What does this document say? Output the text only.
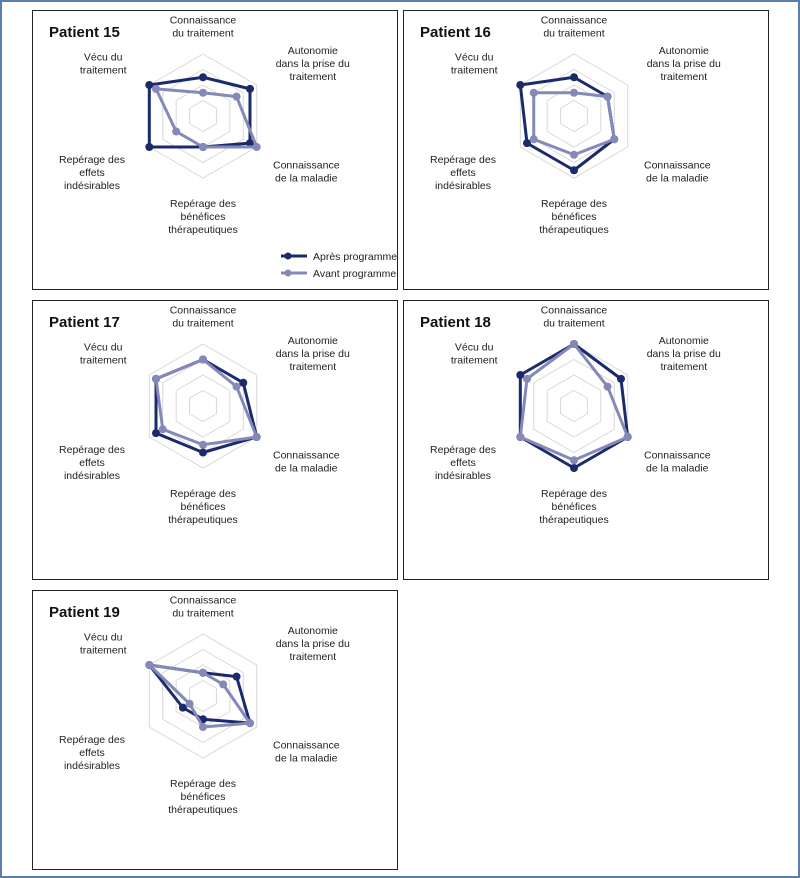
Patient 15
Connaissance du traitement
Autonomie dans la prise du traitement
Connaissance de la maladie
Repérage des bénéfices thérapeutiques
Repérage des effets indésirables
Vécu du traitement
Après programme
Avant programme
Patient 16
Connaissance du traitement
Autonomie dans la prise du traitement
Connaissance de la maladie
Repérage des bénéfices thérapeutiques
Repérage des effets indésirables
Vécu du traitement
Patient 17
Connaissance du traitement
Autonomie dans la prise du traitement
Connaissance de la maladie
Repérage des bénéfices thérapeutiques
Repérage des effets indésirables
Vécu du traitement
Patient 18
Connaissance du traitement
Autonomie dans la prise du traitement
Connaissance de la maladie
Repérage des bénéfices thérapeutiques
Repérage des effets indésirables
Vécu du traitement
Patient 19
Connaissance du traitement
Autonomie dans la prise du traitement
Connaissance de la maladie
Repérage des bénéfices thérapeutiques
Repérage des effets indésirables
Vécu du traitement
